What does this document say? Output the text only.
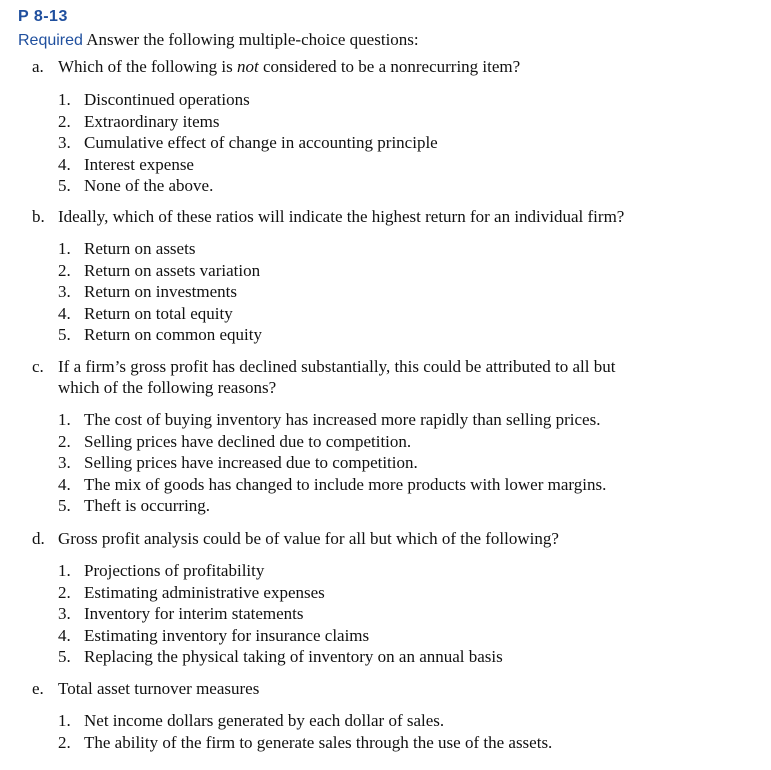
P 8-13
Required Answer the following multiple-choice questions:
a. Which of the following is not considered to be a nonrecurring item?
1. Discontinued operations
2. Extraordinary items
3. Cumulative effect of change in accounting principle
4. Interest expense
5. None of the above.
b. Ideally, which of these ratios will indicate the highest return for an individual firm?
1. Return on assets
2. Return on assets variation
3. Return on investments
4. Return on total equity
5. Return on common equity
c. If a firm’s gross profit has declined substantially, this could be attributed to all but
which of the following reasons?
1. The cost of buying inventory has increased more rapidly than selling prices.
2. Selling prices have declined due to competition.
3. Selling prices have increased due to competition.
4. The mix of goods has changed to include more products with lower margins.
5. Theft is occurring.
d. Gross profit analysis could be of value for all but which of the following?
1. Projections of profitability
2. Estimating administrative expenses
3. Inventory for interim statements
4. Estimating inventory for insurance claims
5. Replacing the physical taking of inventory on an annual basis
e. Total asset turnover measures
1. Net income dollars generated by each dollar of sales.
2. The ability of the firm to generate sales through the use of the assets.
